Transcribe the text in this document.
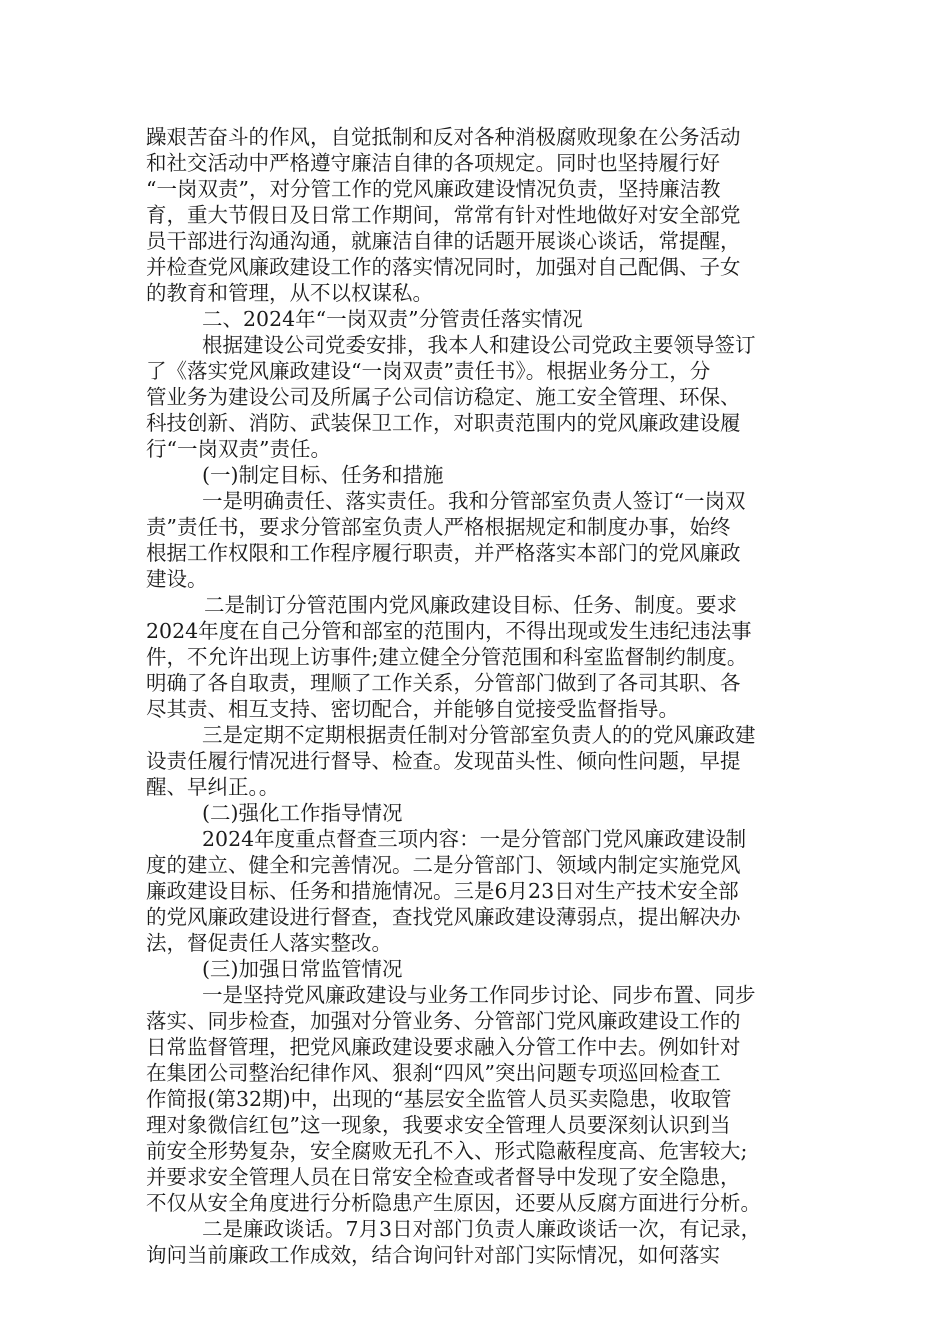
躁艰苦奋斗的作风，自觉抵制和反对各种消极腐败现象在公务活动
和社交活动中严格遵守廉洁自律的各项规定。同时也坚持履行好
“一岗双责”，对分管工作的党风廉政建设情况负责，坚持廉洁教
育，重大节假日及日常工作期间，常常有针对性地做好对安全部党
员干部进行沟通沟通，就廉洁自律的话题开展谈心谈话，常提醒，
并检查党风廉政建设工作的落实情况同时，加强对自己配偶、子女
的教育和管理，从不以权谋私。
二、2024年“一岗双责”分管责任落实情况
根据建设公司党委安排，我本人和建设公司党政主要领导签订
了《落实党风廉政建设“一岗双责”责任书》。根据业务分工，分
管业务为建设公司及所属子公司信访稳定、施工安全管理、环保、
科技创新、消防、武装保卫工作，对职责范围内的党风廉政建设履
行“一岗双责”责任。
(一)制定目标、任务和措施
一是明确责任、落实责任。我和分管部室负责人签订“一岗双
责”责任书，要求分管部室负责人严格根据规定和制度办事，始终
根据工作权限和工作程序履行职责，并严格落实本部门的党风廉政
建设。
二是制订分管范围内党风廉政建设目标、任务、制度。要求
2024年度在自己分管和部室的范围内，不得出现或发生违纪违法事
件，不允许出现上访事件;建立健全分管范围和科室监督制约制度。
明确了各自取责，理顺了工作关系，分管部门做到了各司其职、各
尽其责、相互支持、密切配合，并能够自觉接受监督指导。
三是定期不定期根据责任制对分管部室负责人的的党风廉政建
设责任履行情况进行督导、检查。发现苗头性、倾向性问题，早提
醒、早纠正。。
(二)强化工作指导情况
2024年度重点督查三项内容：一是分管部门党风廉政建设制
度的建立、健全和完善情况。二是分管部门、领域内制定实施党风
廉政建设目标、任务和措施情况。三是6月23日对生产技术安全部
的党风廉政建设进行督查，查找党风廉政建设薄弱点，提出解决办
法，督促责任人落实整改。
(三)加强日常监管情况
一是坚持党风廉政建设与业务工作同步讨论、同步布置、同步
落实、同步检查，加强对分管业务、分管部门党风廉政建设工作的
日常监督管理，把党风廉政建设要求融入分管工作中去。例如针对
在集团公司整治纪律作风、狠刹“四风”突出问题专项巡回检查工
作简报(第32期)中，出现的“基层安全监管人员买卖隐患，收取管
理对象微信红包”这一现象，我要求安全管理人员要深刻认识到当
前安全形势复杂，安全腐败无孔不入、形式隐蔽程度高、危害较大;
并要求安全管理人员在日常安全检查或者督导中发现了安全隐患，
不仅从安全角度进行分析隐患产生原因，还要从反腐方面进行分析。
二是廉政谈话。7月3日对部门负责人廉政谈话一次，有记录，
询问当前廉政工作成效，结合询问针对部门实际情况，如何落实
